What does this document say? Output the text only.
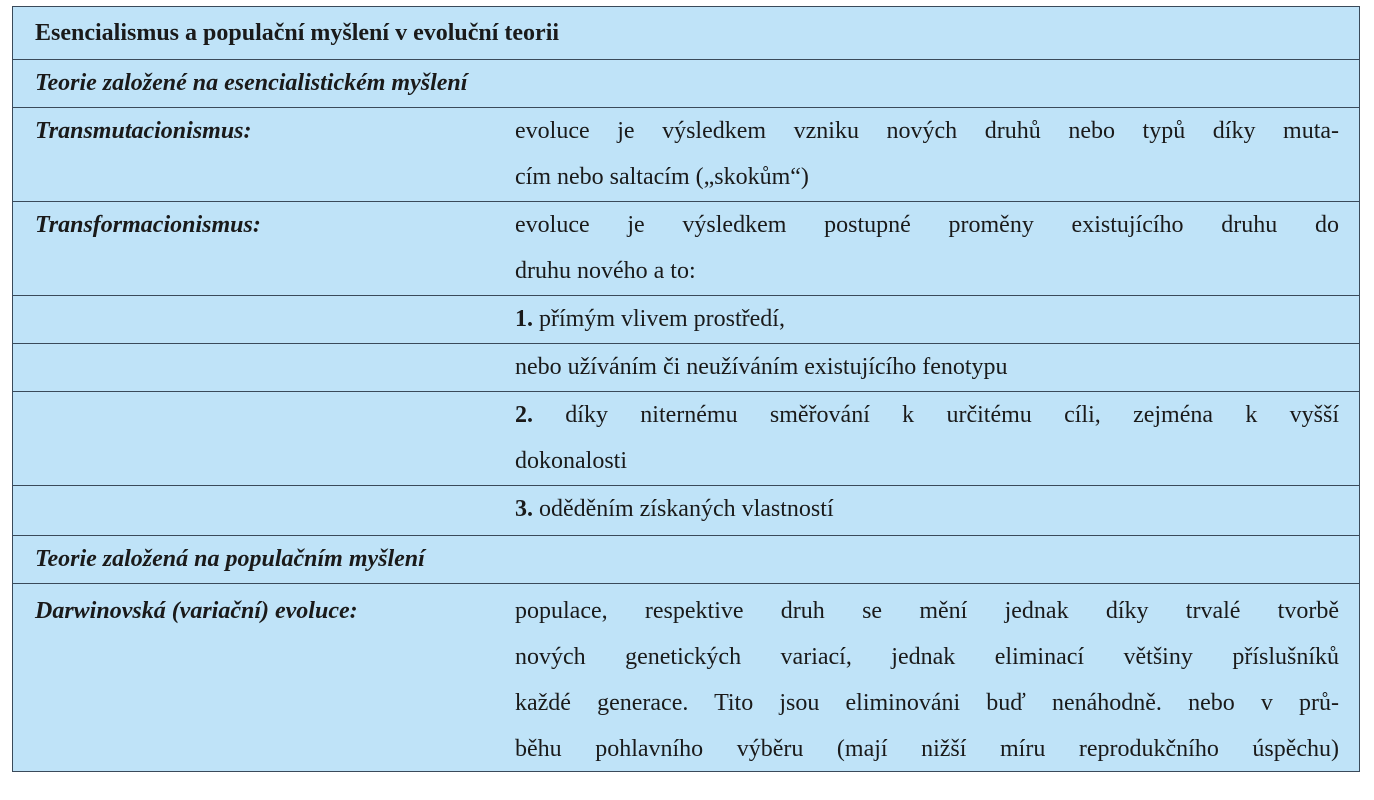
Esencialismus a populační myšlení v evoluční teorii
Teorie založené na esencialistickém myšlení
Transmutacionismus:	evoluce je výsledkem vzniku nových druhů nebo typů díky muta-
cím nebo saltacím („skokům“)
Transformacionismus:	evoluce je výsledkem postupné proměny existujícího druhu do
druhu nového a to:
1. přímým vlivem prostředí,
nebo užíváním či neužíváním existujícího fenotypu
2. díky niternému směřování k určitému cíli, zejména k vyšší
dokonalosti
3. oděděním získaných vlastností
Teorie založená na populačním myšlení
Darwinovská (variační) evoluce:	populace, respektive druh se mění jednak díky trvalé tvorbě
nových genetických variací, jednak eliminací většiny příslušníků
každé generace. Tito jsou eliminováni buď nenáhodně. nebo v prů-
běhu pohlavního výběru (mají nižší míru reprodukčního úspěchu)
